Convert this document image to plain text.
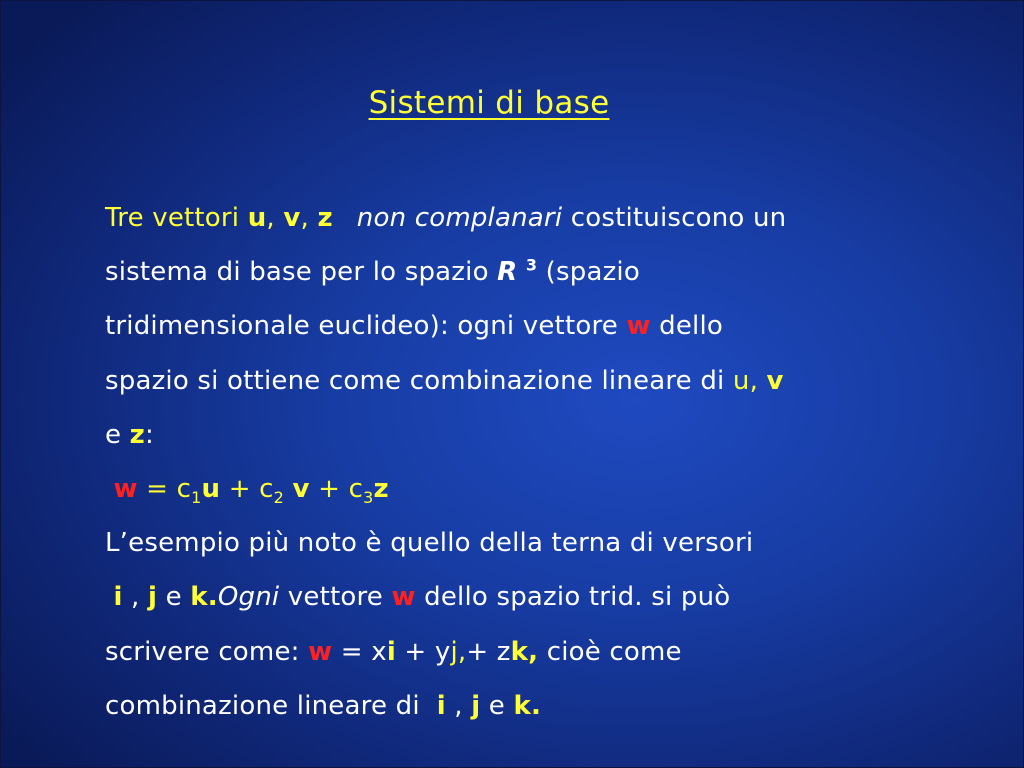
Sistemi di base
Tre vettori u, v, z non complanari costituiscono un
sistema di base per lo spazio R $^3$ (spazio
tridimensionale euclideo): ogni vettore w dello
spazio si ottiene come combinazione lineare di u, v
e z:
$w = c_1u + c_2$ $v + c_3z$
L’esempio più noto è quello della terna di versori
i , j e k.Ogni vettore w dello spazio trid. si può
scrivere come: w = xi + yj,+ zk, cioè come
combinazione lineare di  i , j e k.
